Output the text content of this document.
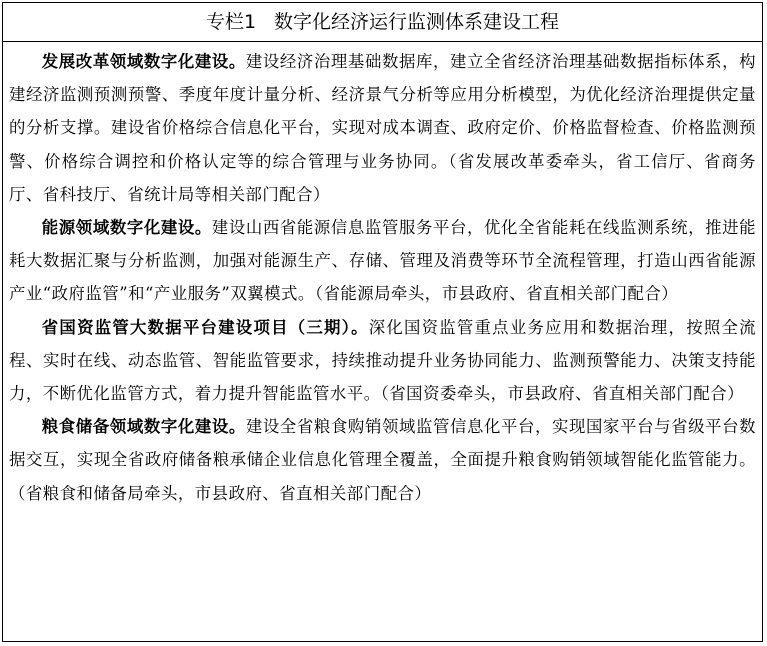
专栏1 数字化经济运行监测体系建设工程

发展改革领域数字化建设。建设经济治理基础数据库，建立全省经济治理基础数据指标体系，构建经济监测预测预警、季度年度计量分析、经济景气分析等应用分析模型，为优化经济治理提供定量的分析支撑。建设省价格综合信息化平台，实现对成本调查、政府定价、价格监督检查、价格监测预警、价格综合调控和价格认定等的综合管理与业务协同。（省发展改革委牵头，省工信厅、省商务厅、省科技厅、省统计局等相关部门配合）

能源领域数字化建设。建设山西省能源信息监管服务平台，优化全省能耗在线监测系统，推进能耗大数据汇聚与分析监测，加强对能源生产、存储、管理及消费等环节全流程管理，打造山西省能源产业“政府监管”和“产业服务”双翼模式。（省能源局牵头，市县政府、省直相关部门配合）

省国资监管大数据平台建设项目（三期）。深化国资监管重点业务应用和数据治理，按照全流程、实时在线、动态监管、智能监管要求，持续推动提升业务协同能力、监测预警能力、决策支持能力，不断优化监管方式，着力提升智能监管水平。（省国资委牵头，市县政府、省直相关部门配合）

粮食储备领域数字化建设。建设全省粮食购销领域监管信息化平台，实现国家平台与省级平台数据交互，实现全省政府储备粮承储企业信息化管理全覆盖，全面提升粮食购销领域智能化监管能力。（省粮食和储备局牵头，市县政府、省直相关部门配合）
